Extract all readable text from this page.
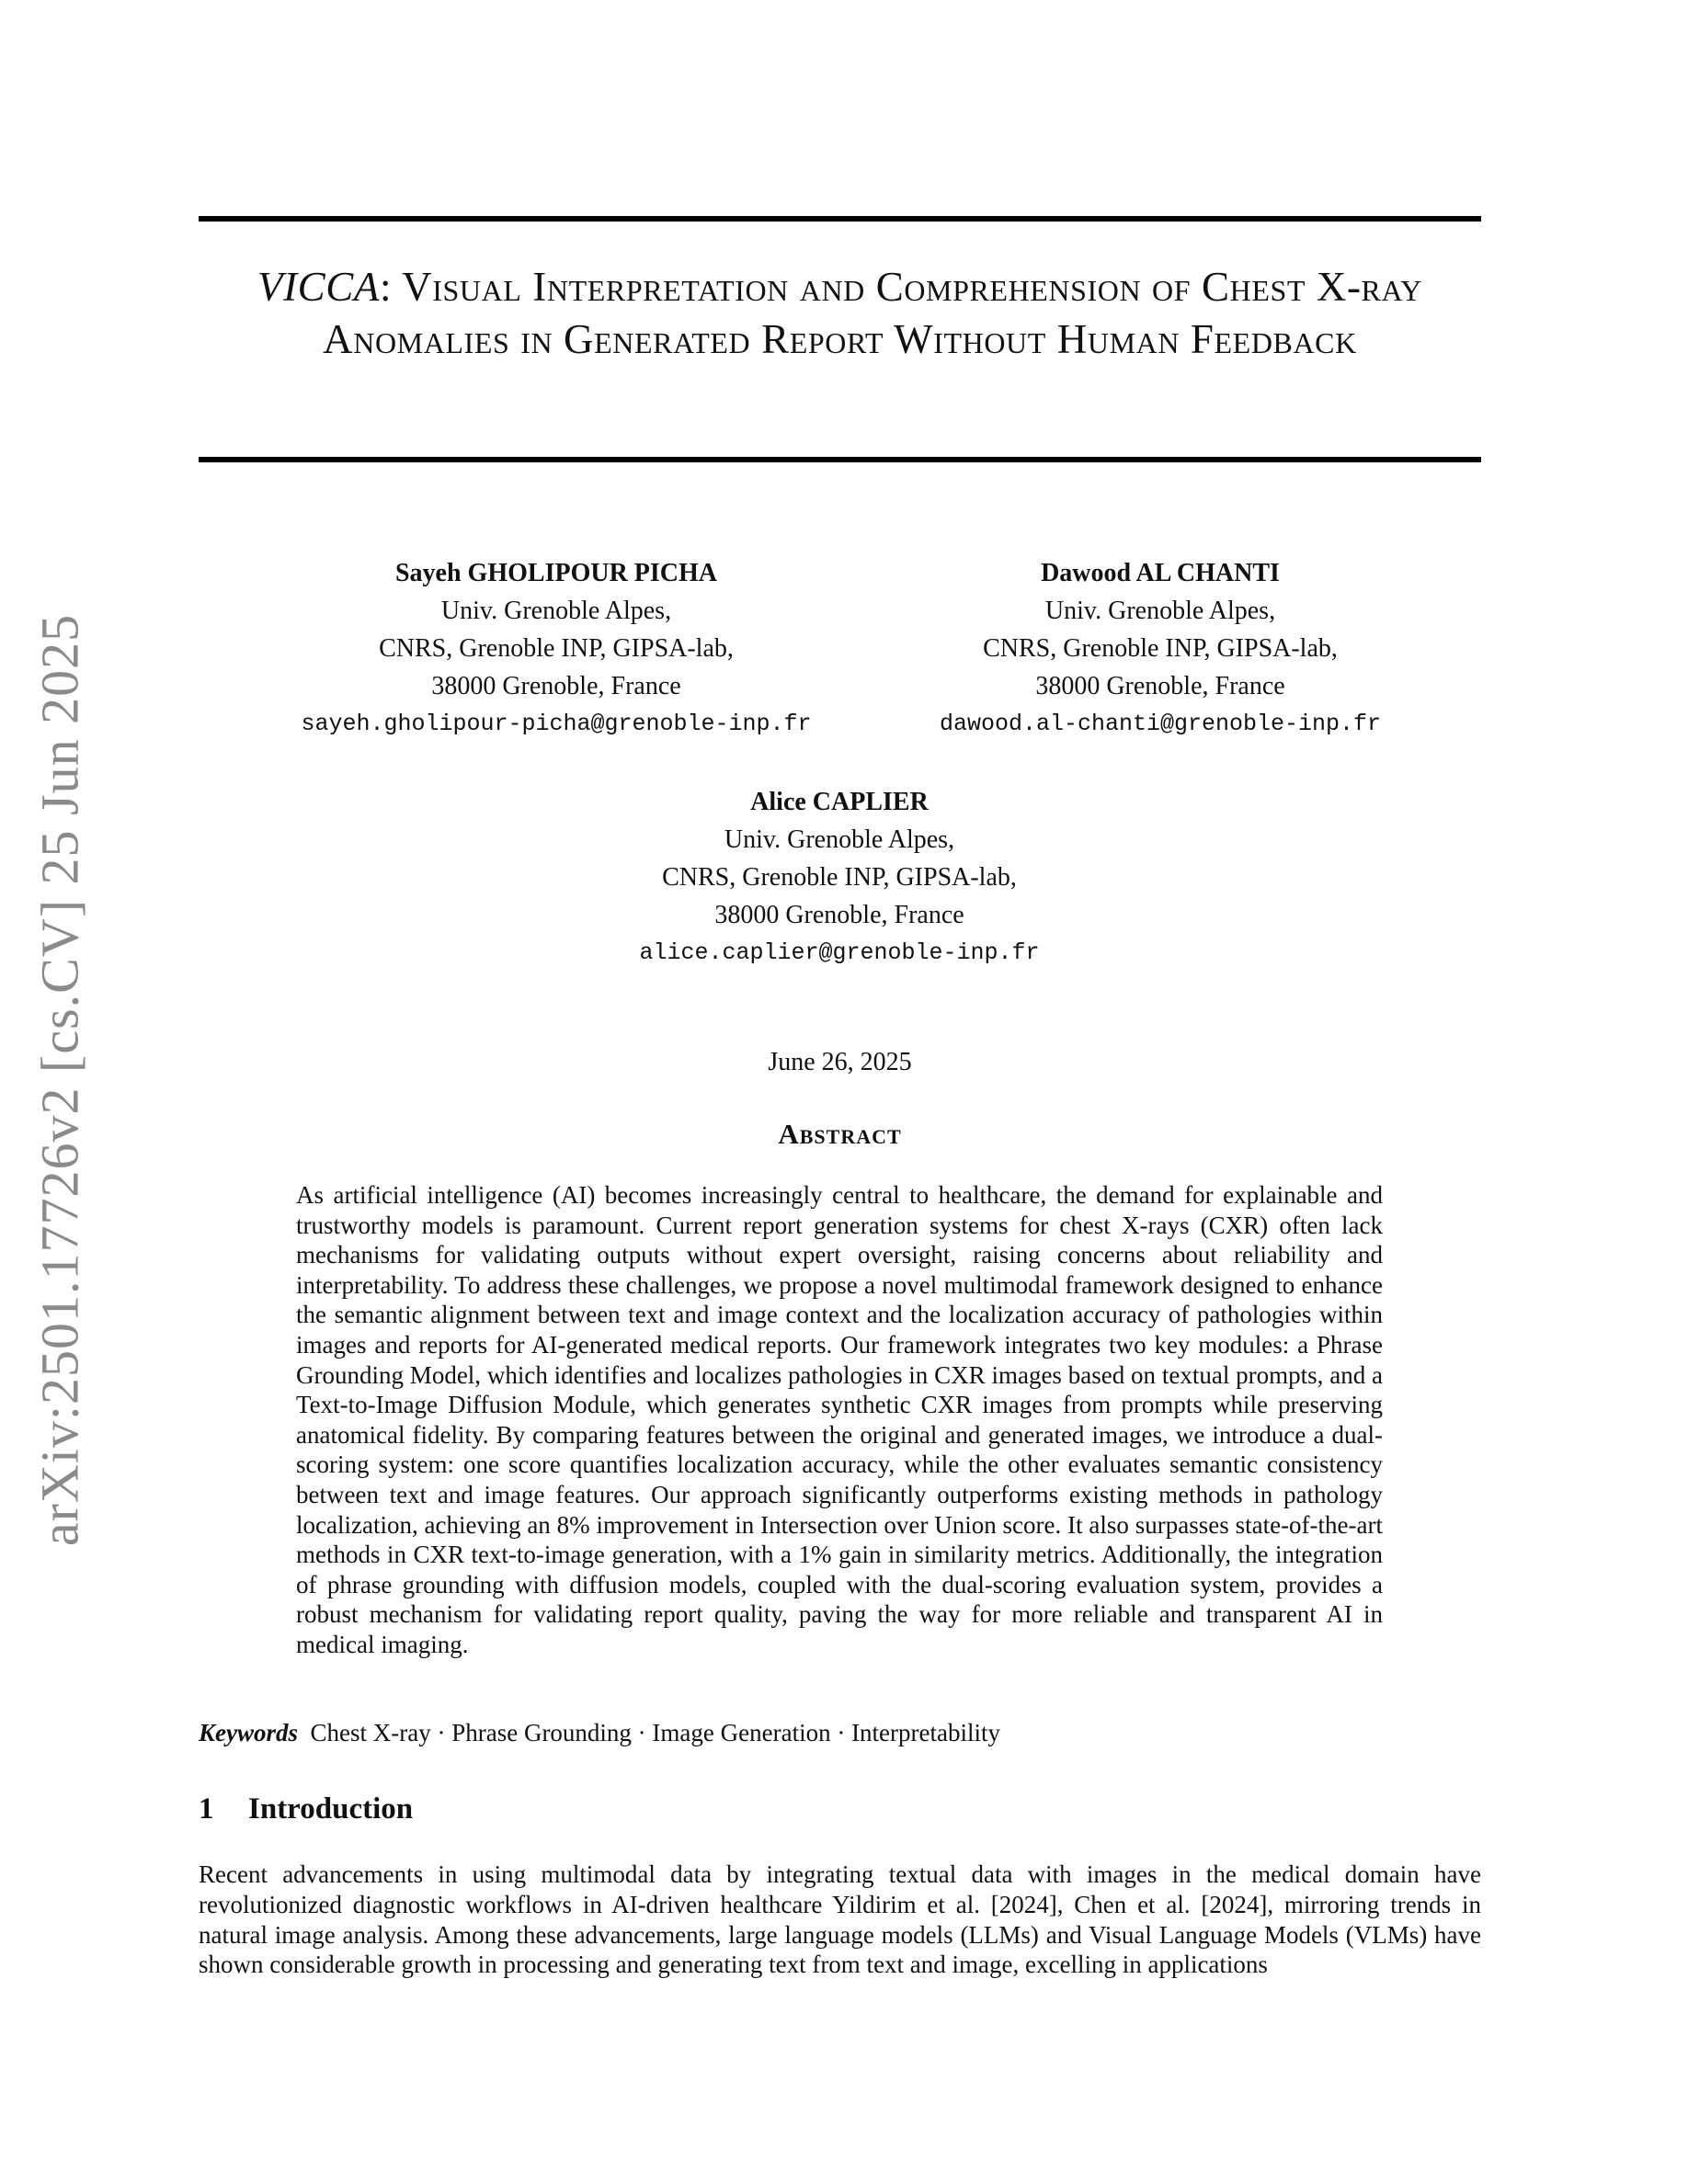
arXiv:2501.17726v2 [cs.CV] 25 Jun 2025
VICCA: Visual Interpretation and Comprehension of Chest X-ray Anomalies in Generated Report Without Human Feedback
Sayeh GHOLIPOUR PICHA
Univ. Grenoble Alpes,
CNRS, Grenoble INP, GIPSA-lab,
38000 Grenoble, France
sayeh.gholipour-picha@grenoble-inp.fr
Dawood AL CHANTI
Univ. Grenoble Alpes,
CNRS, Grenoble INP, GIPSA-lab,
38000 Grenoble, France
dawood.al-chanti@grenoble-inp.fr
Alice CAPLIER
Univ. Grenoble Alpes,
CNRS, Grenoble INP, GIPSA-lab,
38000 Grenoble, France
alice.caplier@grenoble-inp.fr
June 26, 2025
Abstract
As artificial intelligence (AI) becomes increasingly central to healthcare, the demand for explainable and trustworthy models is paramount. Current report generation systems for chest X-rays (CXR) often lack mechanisms for validating outputs without expert oversight, raising concerns about reliability and interpretability. To address these challenges, we propose a novel multimodal framework designed to enhance the semantic alignment between text and image context and the localization accuracy of pathologies within images and reports for AI-generated medical reports. Our framework integrates two key modules: a Phrase Grounding Model, which identifies and localizes pathologies in CXR images based on textual prompts, and a Text-to-Image Diffusion Module, which generates synthetic CXR images from prompts while preserving anatomical fidelity. By comparing features between the original and generated images, we introduce a dual-scoring system: one score quantifies localization accuracy, while the other evaluates semantic consistency between text and image features. Our approach significantly outperforms existing methods in pathology localization, achieving an 8% improvement in Intersection over Union score. It also surpasses state-of-the-art methods in CXR text-to-image generation, with a 1% gain in similarity metrics. Additionally, the integration of phrase grounding with diffusion models, coupled with the dual-scoring evaluation system, provides a robust mechanism for validating report quality, paving the way for more reliable and transparent AI in medical imaging.
Keywords Chest X-ray · Phrase Grounding · Image Generation · Interpretability
1 Introduction
Recent advancements in using multimodal data by integrating textual data with images in the medical domain have revolutionized diagnostic workflows in AI-driven healthcare Yildirim et al. [2024], Chen et al. [2024], mirroring trends in natural image analysis. Among these advancements, large language models (LLMs) and Visual Language Models (VLMs) have shown considerable growth in processing and generating text from text and image, excelling in applications
